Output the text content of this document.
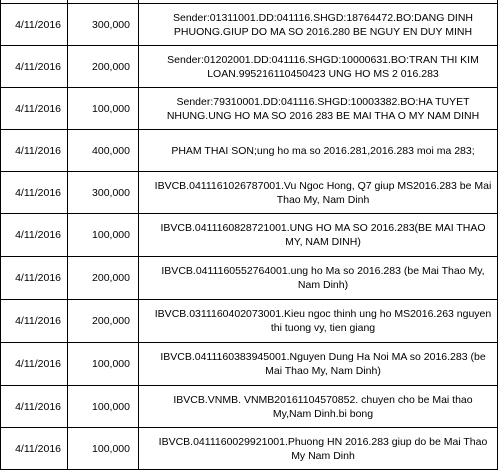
4/11/2016	300,000	Sender:01311001.DD:041116.SHGD:18764472.BO:DANG DINH PHUONG.GIUP DO MA SO 2016.280 BE NGUY EN DUY MINH
4/11/2016	200,000	Sender:01202001.DD:041116.SHGD:10000631.BO:TRAN THI KIM LOAN.995216110450423 UNG HO MS 2 016.283
4/11/2016	100,000	Sender:79310001.DD:041116.SHGD:10003382.BO:HA TUYET NHUNG.UNG HO MA SO 2016 283 BE MAI THA O MY NAM DINH
4/11/2016	400,000	PHAM THAI SON;ung ho ma so 2016.281,2016.283 moi ma 283;
4/11/2016	300,000	IBVCB.0411161026787001.Vu Ngoc Hong, Q7 giup MS2016.283 be Mai Thao My, Nam Dinh
4/11/2016	100,000	IBVCB.0411160828721001.UNG HO MA SO 2016.283(BE MAI THAO MY, NAM DINH)
4/11/2016	200,000	IBVCB.0411160552764001.ung ho Ma so 2016.283 (be Mai Thao My, Nam Dinh)
4/11/2016	200,000	IBVCB.0311160402073001.Kieu ngoc thinh ung ho MS2016.263 nguyen thi tuong vy, tien giang
4/11/2016	100,000	IBVCB.0411160383945001.Nguyen Dung Ha Noi MA so 2016.283 (be Mai Thao My, Nam Dinh)
4/11/2016	100,000	IBVCB.VNMB. VNMB20161104570852. chuyen cho be Mai thao My,Nam Dinh.bi bong
4/11/2016	100,000	IBVCB.0411160029921001.Phuong HN 2016.283 giup do be Mai Thao My Nam Dinh
